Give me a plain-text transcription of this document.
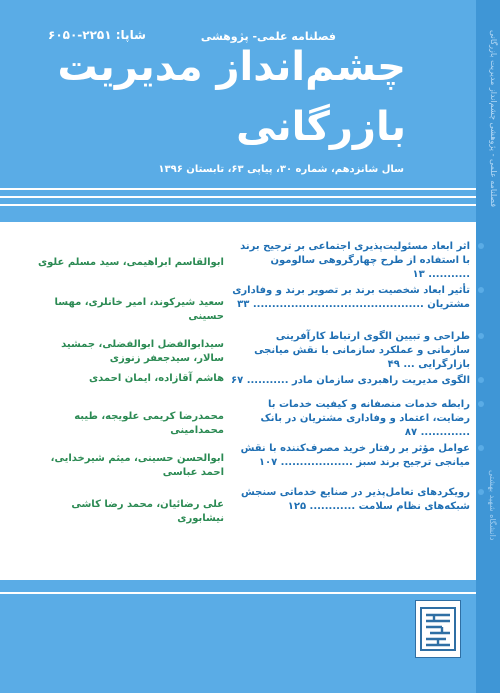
فصلنامه علمی - پژوهشی چشم‌انداز مدیریت بازرگانی
دانشگاه شهید بهشتی
فصلنامه علمی- پژوهشی
شاپا: ۲۲۵۱-۶۰۵۰
چشم‌انداز مدیریت
بازرگانی
سال شانزدهم، شماره ۳۰، پیاپی ۶۳، تابستان ۱۳۹۶
اثر ابعاد مسئولیت‌پذیری اجتماعی بر ترجیح برند با استفاده از طرح چهارگروهی سالومون ........... ۱۳
ابوالقاسم ابراهیمی، سید مسلم علوی
تأثیر ابعاد شخصیت برند بر تصویر برند و وفاداری مشتریان ............................................. ۳۳
سعید شیرکوند، امیر خانلری، مهسا حسینی
طراحی و تبیین الگوی ارتباط کارآفرینی سازمانی و عملکرد سازمانی با نقش میانجی بازارگرایی ... ۴۹
سیدابوالفضل ابوالفضلی، جمشید سالار، سیدجعفر زنوزی
الگوی مدیریت راهبردی سازمان مادر ........... ۶۷
هاشم آقازاده، ایمان احمدی
رابطه خدمات منصفانه و کیفیت خدمات با رضایت، اعتماد و وفاداری مشتریان در بانک ............. ۸۷
محمدرضا کریمی علویجه، طیبه محمدامینی
عوامل مؤثر بر رفتار خرید مصرف‌کننده با نقش میانجی ترجیح برند سبز ................... ۱۰۷
ابوالحسن حسینی، میثم شیرخدایی، احمد عباسی
رویکردهای تعامل‌پذیر در صنایع خدماتی سنجش شبکه‌های نظام سلامت ............ ۱۲۵
علی رضائیان، محمد رضا کاشی نیشابوری
